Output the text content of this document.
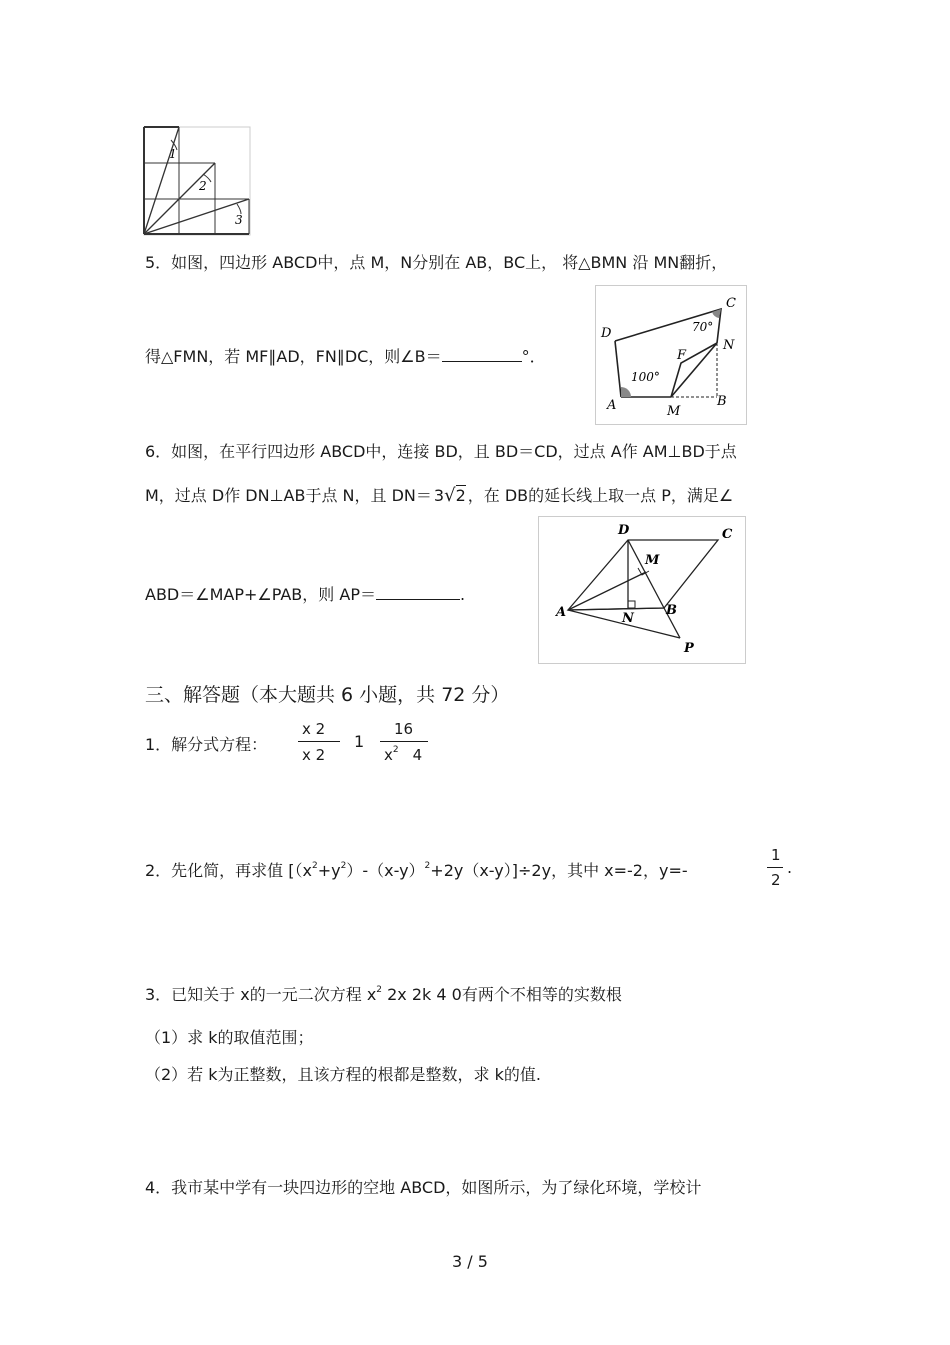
1
2
3
5．如图，四边形 ABCD中，点 M，N分别在 AB，BC上， 将△BMN 沿 MN翻折，
得△FMN，若 MF∥AD，FN∥DC，则∠B＝	°．
C
70°
D
N
F
100°
A	M
B
6．如图，在平行四边形 ABCD中，连接 BD，且 BD＝CD，过点 A作 AM⊥BD于点
M，过点 D作 DN⊥AB于点 N，且 DN＝ 3√2 ，在 DB的延长线上取一点 P，满足∠
D	C
M
A	N
B
P
ABD＝∠MAP+∠PAB，则 AP＝	.
三、解答题（本大题共 6 小题，共 72 分）
1．解分式方程：
x 2
x 2
1
16
$x^2$ 4
2．先化简，再求值 $[(x^2+y^2)-(x-y)^2+2y(x-y)]\div 2y$，其中 x=-2，y=-
1
2
.
3．已知关于 x的一元二次方程 $x^2$ 2x 2k 4 0有两个不相等的实数根
（1）求 k的取值范围；
（2）若 k为正整数，且该方程的根都是整数，求 k的值.
4．我市某中学有一块四边形的空地 ABCD，如图所示，为了绿化环境，学校计
3 / 5
